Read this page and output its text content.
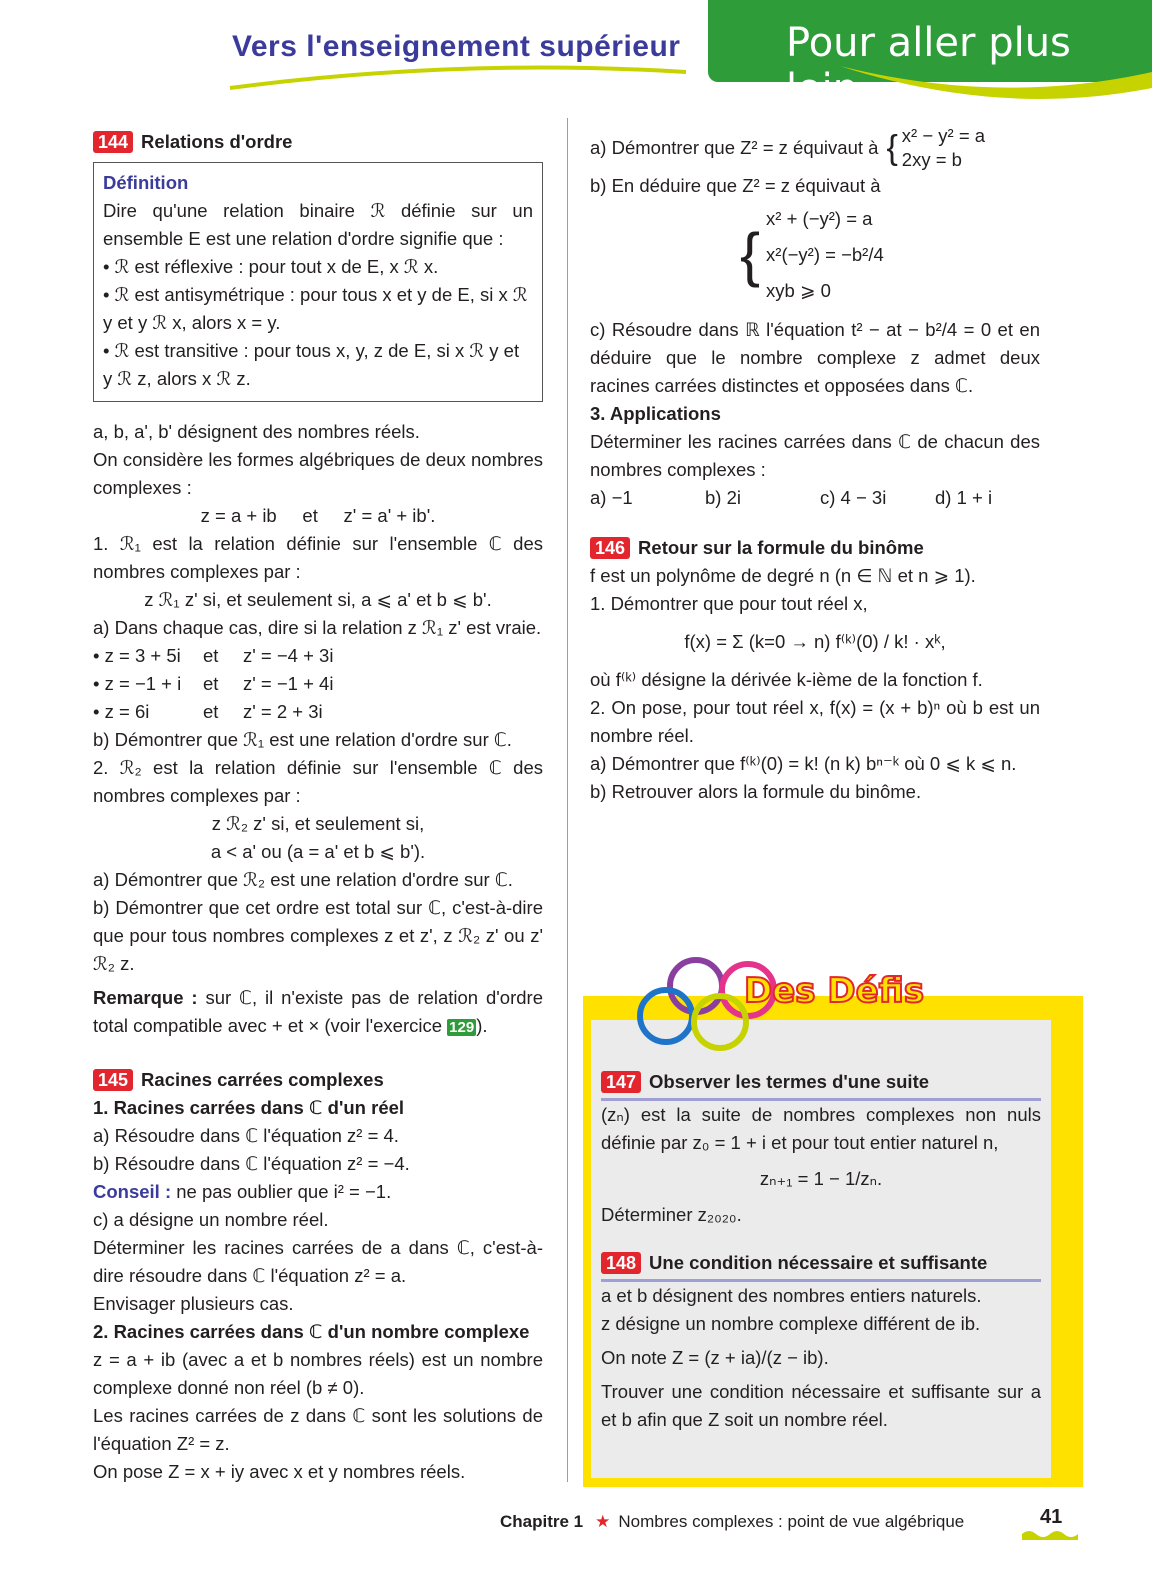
Vers l'enseignement supérieur	Pour aller plus loin

144 Relations d'ordre

Définition

Dire qu'une relation binaire ℛ définie sur un ensemble E est une relation d'ordre signifie que :

• ℛ est réflexive : pour tout x de E, x ℛ x.

• ℛ est antisymétrique : pour tous x et y de E, si x ℛ y et y ℛ x, alors x = y.

• ℛ est transitive : pour tous x, y, z de E, si x ℛ y et y ℛ z, alors x ℛ z.

a, b, a', b' désignent des nombres réels.

On considère les formes algébriques de deux nombres complexes :

z = a + ib     et     z' = a' + ib'.

1. ℛ₁ est la relation définie sur l'ensemble ℂ des nombres complexes par :

z ℛ₁ z' si, et seulement si, a ⩽ a' et b ⩽ b'.

a) Dans chaque cas, dire si la relation z ℛ₁ z' est vraie.

• z = 3 + 5i et z' = −4 + 3i

• z = −1 + i et z' = −1 + 4i

• z = 6i	et z' = 2 + 3i

b) Démontrer que ℛ₁ est une relation d'ordre sur ℂ.

2. ℛ₂ est la relation définie sur l'ensemble ℂ des nombres complexes par :

z ℛ₂ z' si, et seulement si,

a < a' ou (a = a' et b ⩽ b').

a) Démontrer que ℛ₂ est une relation d'ordre sur ℂ.

b) Démontrer que cet ordre est total sur ℂ, c'est-à-dire que pour tous nombres complexes z et z', z ℛ₂ z' ou z' ℛ₂ z.

Remarque : sur ℂ, il n'existe pas de relation d'ordre total compatible avec + et × (voir l'exercice 129 ).

145 Racines carrées complexes

1. Racines carrées dans ℂ d'un réel

a) Résoudre dans ℂ l'équation z² = 4.

b) Résoudre dans ℂ l'équation z² = −4.

Conseil : ne pas oublier que i² = −1.

c) a désigne un nombre réel.

Déterminer les racines carrées de a dans ℂ, c'est-à-dire résoudre dans ℂ l'équation z² = a.

Envisager plusieurs cas.

2. Racines carrées dans ℂ d'un nombre complexe

z = a + ib (avec a et b nombres réels) est un nombre complexe donné non réel (b ≠ 0).

Les racines carrées de z dans ℂ sont les solutions de l'équation Z² = z.

On pose Z = x + iy avec x et y nombres réels.

a) Démontrer que Z² = z équivaut à { x² − y² = a
2xy = b

b) En déduire que Z² = z équivaut à

{
x² + (−y²) = a
x²(−y²) = −b²/4
xyb ⩾ 0

c) Résoudre dans ℝ l'équation t² − at − b²/4 = 0 et en déduire que le nombre complexe z admet deux racines carrées distinctes et opposées dans ℂ.

3. Applications

Déterminer les racines carrées dans ℂ de chacun des nombres complexes :

a) −1	b) 2i	c) 4 − 3i	d) 1 + i

146 Retour sur la formule du binôme

f est un polynôme de degré n (n ∈ ℕ et n ⩾ 1).

1. Démontrer que pour tout réel x,

f(x) = Σ (k=0 → n) f⁽ᵏ⁾(0) / k! · xᵏ,

où f⁽ᵏ⁾ désigne la dérivée k-ième de la fonction f.

2. On pose, pour tout réel x, f(x) = (x + b)ⁿ où b est un nombre réel.

a) Démontrer que f⁽ᵏ⁾(0) = k! (n k) bⁿ⁻ᵏ où 0 ⩽ k ⩽ n.

b) Retrouver alors la formule du binôme.

Des Défis

147 Observer les termes d'une suite

(zₙ) est la suite de nombres complexes non nuls définie par z₀ = 1 + i et pour tout entier naturel n,

zₙ₊₁ = 1 − 1/zₙ.

Déterminer z₂₀₂₀.

148 Une condition nécessaire et suffisante

a et b désignent des nombres entiers naturels.

z désigne un nombre complexe différent de ib.

On note Z = (z + ia)/(z − ib).

Trouver une condition nécessaire et suffisante sur a et b afin que Z soit un nombre réel.

Chapitre 1 ★ Nombres complexes : point de vue algébrique	41
